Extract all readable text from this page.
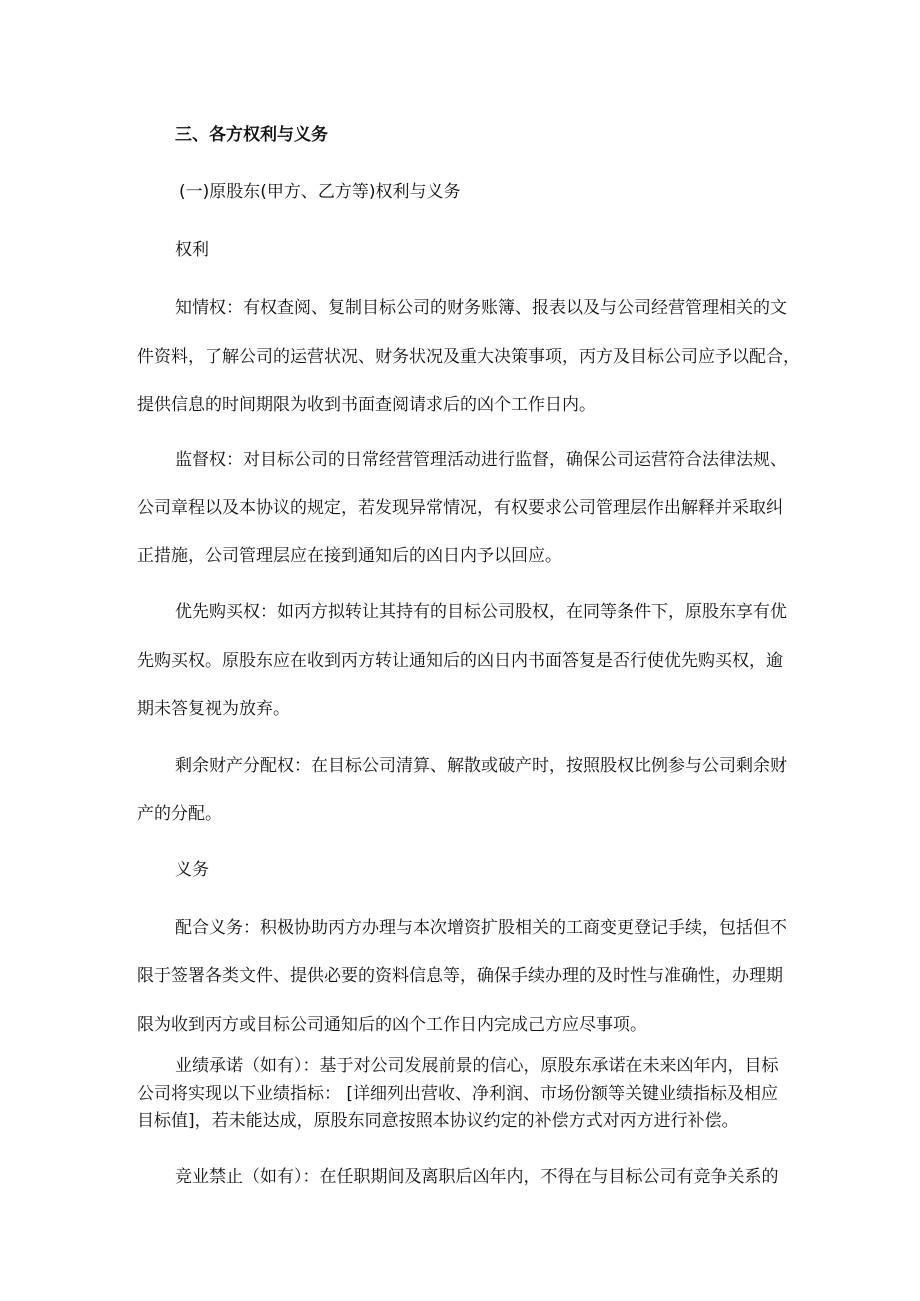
三、各方权利与义务
(一)原股东(甲方、乙方等)权利与义务
权利
知情权：有权查阅、复制目标公司的财务账簿、报表以及与公司经营管理相关的文
件资料，了解公司的运营状况、财务状况及重大决策事项，丙方及目标公司应予以配合，
提供信息的时间期限为收到书面查阅请求后的凶个工作日内。
监督权：对目标公司的日常经营管理活动进行监督，确保公司运营符合法律法规、
公司章程以及本协议的规定，若发现异常情况，有权要求公司管理层作出解释并采取纠
正措施，公司管理层应在接到通知后的凶日内予以回应。
优先购买权：如丙方拟转让其持有的目标公司股权，在同等条件下，原股东享有优
先购买权。原股东应在收到丙方转让通知后的凶日内书面答复是否行使优先购买权，逾
期未答复视为放弃。
剩余财产分配权：在目标公司清算、解散或破产时，按照股权比例参与公司剩余财
产的分配。
义务
配合义务：积极协助丙方办理与本次增资扩股相关的工商变更登记手续，包括但不
限于签署各类文件、提供必要的资料信息等，确保手续办理的及时性与准确性，办理期
限为收到丙方或目标公司通知后的凶个工作日内完成己方应尽事项。
业绩承诺（如有）：基于对公司发展前景的信心，原股东承诺在未来凶年内，目标
公司将实现以下业绩指标： [详细列出营收、净利润、市场份额等关键业绩指标及相应
目标值]，若未能达成，原股东同意按照本协议约定的补偿方式对丙方进行补偿。
竞业禁止（如有）：在任职期间及离职后凶年内，不得在与目标公司有竞争关系的
